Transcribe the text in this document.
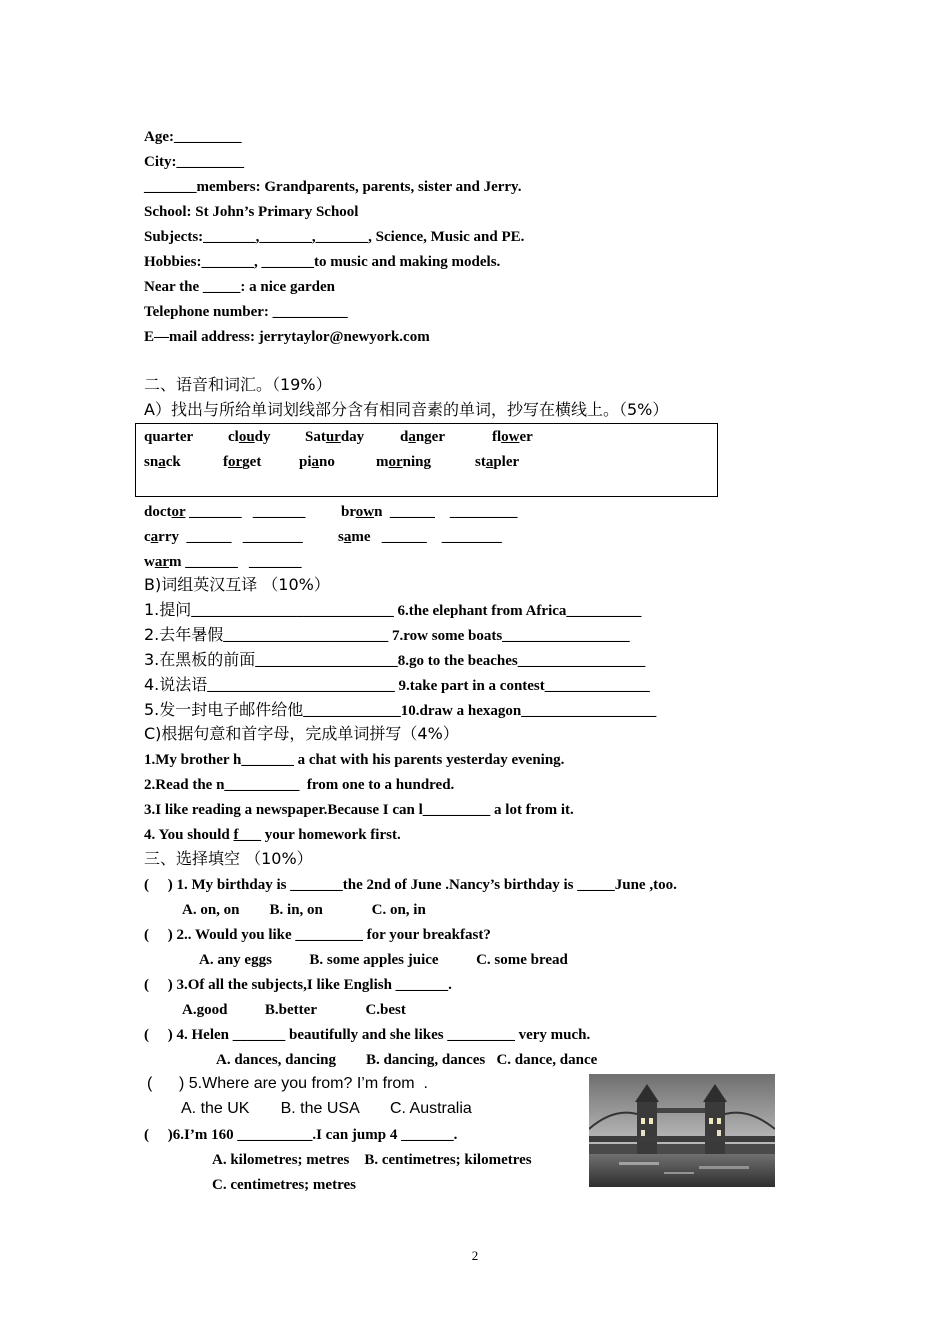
Age:_________
City:_________
_______members: Grandparents, parents, sister and Jerry.
School: St John’s Primary School
Subjects:_______,_______,_______, Science, Music and PE.
Hobbies:_______, _______to music and making models.
Near the _____: a nice garden
Telephone number: __________
E—mail address: jerrytaylor@newyork.com
二、语音和词汇。（19%）
A）找出与所给单词划线部分含有相同音素的单词，抄写在横线上。（5%）
quarter cloudy Saturday danger	flower
snack	forget	piano	morning	stapler
doctor _______   _______ brown  ______    _________
carry  ______   ________ same   ______    ________
warm _______   _______
B)词组英汉互译 （10%）
1.提问___________________________ 6.the elephant from Africa__________
2.去年暑假______________________ 7.row some boats_________________
3.在黑板的前面___________________8.go to the beaches_________________
4.说法语_________________________ 9.take part in a contest______________
5.发一封电子邮件给他_____________10.draw a hexagon__________________
C)根据句意和首字母，完成单词拼写（4%）
1.My brother h_______ a chat with his parents yesterday evening.
2.Read the n__________  from one to a hundred.
3.I like reading a newspaper.Because I can l_________ a lot from it.
4. You should f___ your homework first.
三、选择填空 （10%）
(     ) 1. My birthday is _______the 2nd of June .Nancy’s birthday is _____June ,too.
A. on, on        B. in, on             C. on, in
(     ) 2.. Would you like _________ for your breakfast?
A. any eggs          B. some apples juice          C. some bread
(     ) 3.Of all the subjects,I like English _______.
A.good          B.better             C.best
(     ) 4. Helen _______ beautifully and she likes _________ very much.
A. dances, dancing        B. dancing, dances   C. dance, dance
(      ) 5.Where are you from? I’m from  .
A. the UK       B. the USA       C. Australia
(     )6.I’m 160 __________.I can jump 4 _______.
A. kilometres; metres    B. centimetres; kilometres
C. centimetres; metres
2
